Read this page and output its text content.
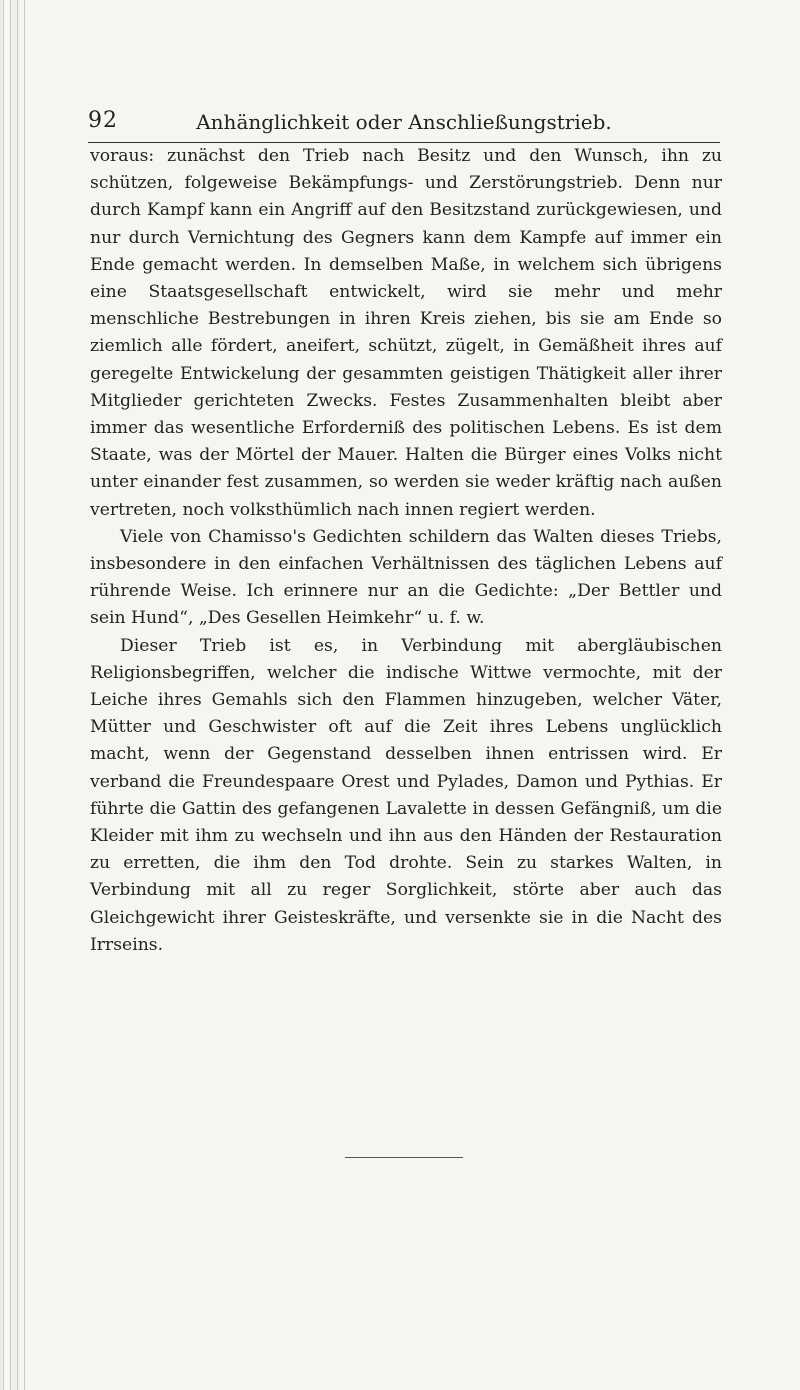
92	Anhänglichkeit oder Anschließungstrieb.

voraus: zunächst den Trieb nach Besitz und den Wunsch, ihn zu schützen, folgeweise Bekämpfungs- und Zerstörungstrieb. Denn nur durch Kampf kann ein Angriff auf den Besitzstand zurückgewiesen, und nur durch Vernichtung des Gegners kann dem Kampfe auf immer ein Ende gemacht werden. In demselben Maße, in welchem sich übrigens eine Staatsgesellschaft entwickelt, wird sie mehr und mehr menschliche Bestrebungen in ihren Kreis ziehen, bis sie am Ende so ziemlich alle fördert, aneifert, schützt, zügelt, in Gemäßheit ihres auf geregelte Entwickelung der gesammten geistigen Thätigkeit aller ihrer Mitglieder gerichteten Zwecks. Festes Zusammenhalten bleibt aber immer das wesentliche Erforderniß des politischen Lebens. Es ist dem Staate, was der Mörtel der Mauer. Halten die Bürger eines Volks nicht unter einander fest zusammen, so werden sie weder kräftig nach außen vertreten, noch volksthümlich nach innen regiert werden.

Viele von Chamisso's Gedichten schildern das Walten dieses Triebs, insbesondere in den einfachen Verhältnissen des täglichen Lebens auf rührende Weise. Ich erinnere nur an die Gedichte: „Der Bettler und sein Hund“, „Des Gesellen Heimkehr“ u. f. w.

Dieser Trieb ist es, in Verbindung mit abergläubischen Religionsbegriffen, welcher die indische Wittwe vermochte, mit der Leiche ihres Gemahls sich den Flammen hinzugeben, welcher Väter, Mütter und Geschwister oft auf die Zeit ihres Lebens unglücklich macht, wenn der Gegenstand desselben ihnen entrissen wird. Er verband die Freundespaare Orest und Pylades, Damon und Pythias. Er führte die Gattin des gefangenen Lavalette in dessen Gefängniß, um die Kleider mit ihm zu wechseln und ihn aus den Händen der Restauration zu erretten, die ihm den Tod drohte. Sein zu starkes Walten, in Verbindung mit all zu reger Sorglichkeit, störte aber auch das Gleichgewicht ihrer Geisteskräfte, und versenkte sie in die Nacht des Irrseins.
